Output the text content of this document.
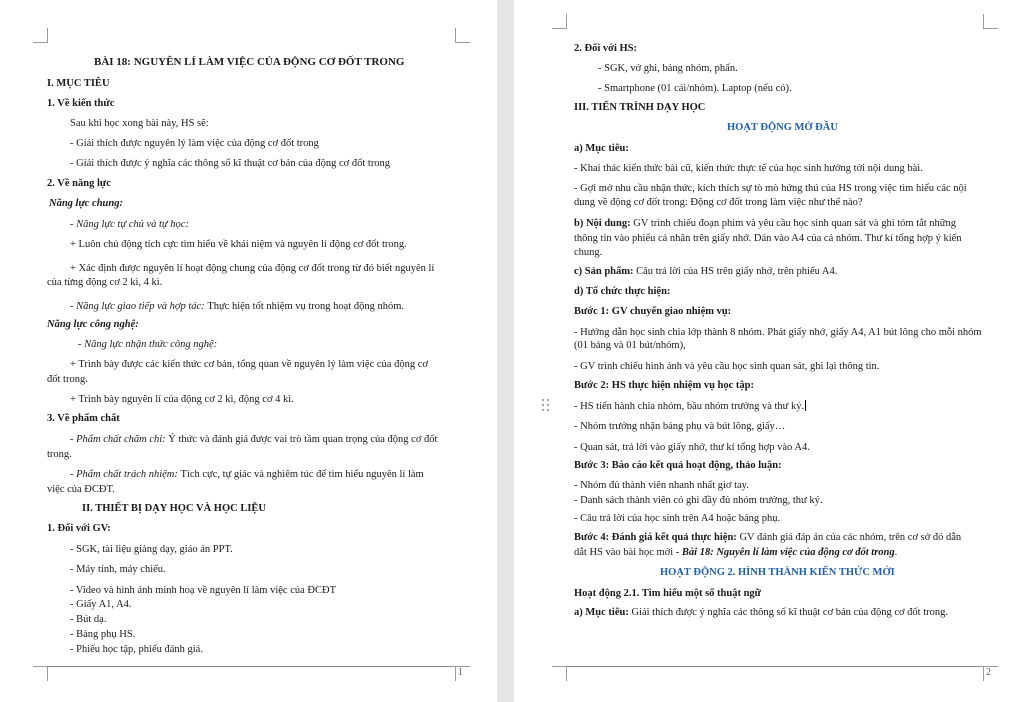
1
BÀI 18: NGUYÊN LÍ LÀM VIỆC CỦA ĐỘNG CƠ ĐỐT TRONG
I. MỤC TIÊU
1. Về kiến thức
Sau khi học xong bài này, HS sẽ:
- Giải thích được nguyên lý làm việc của động cơ đốt trong
- Giải thích được ý nghĩa các thông số kĩ thuật cơ bản của động cơ đốt trong
2. Về năng lực
Năng lực chung:
- Năng lực tự chủ và tự học:
+ Luôn chủ động tích cực tìm hiểu về khái niệm và nguyên lí động cơ đốt trong.
+ Xác định được nguyên lí hoạt động chung của động cơ đốt trong từ đó biết nguyên lí
của từng động cơ 2 kì, 4 kì.
- Năng lực giao tiếp và hợp tác: Thực hiện tốt nhiệm vụ trong hoạt động nhóm.
Năng lực công nghệ:
- Năng lực nhận thức công nghệ:
+ Trình bày được các kiến thức cơ bản, tổng quan về nguyên lý làm việc của động cơ
đốt trong.
+ Trình bày nguyên lí của động cơ 2 kì, động cơ 4 kì.
3. Về phẩm chất
- Phẩm chất chăm chỉ: Ý thức và đánh giá được vai trò tầm quan trọng của động cơ đốt
trong.
- Phẩm chất trách nhiệm: Tích cực, tự giác và nghiêm túc để tìm hiểu nguyên lí làm
việc của ĐCĐT.
II. THIẾT BỊ DẠY HỌC VÀ HỌC LIỆU
1. Đối với GV:
- SGK, tài liệu giảng dạy, giáo án PPT.
- Máy tính, máy chiếu.
- Video và hình ảnh minh hoạ về nguyên lí làm việc của ĐCĐT
- Giấy A1, A4.
- Bút dạ.
- Bảng phụ HS.
- Phiếu học tập, phiếu đánh giá.
2
2. Đối với HS:
- SGK, vở ghi, bảng nhóm, phấn.
- Smartphone (01 cái/nhóm). Laptop (nếu có).
III. TIẾN TRÌNH DẠY HỌC
HOẠT ĐỘNG MỞ ĐẦU
a) Mục tiêu:
- Khai thác kiến thức bài cũ, kiến thức thực tế của học sinh hướng tới nội dung bài.
- Gợi mở nhu cầu nhận thức, kích thích sự tò mò hứng thú của HS trong việc tìm hiểu các nội
dung về động cơ đốt trong: Động cơ đốt trong làm việc như thế nào?
b) Nội dung: GV trình chiếu đoạn phim và yêu cầu học sinh quan sát và ghi tóm tắt những
thông tin vào phiếu cá nhân trên giấy nhớ. Dán vào A4 của cả nhóm. Thư kí tổng hợp ý kiến
chung.
c) Sản phẩm: Câu trả lời của HS trên giấy nhớ, trên phiếu A4.
d) Tổ chức thực hiện:
Bước 1: GV chuyển giao nhiệm vụ:
- Hướng dẫn học sinh chia lớp thành 8 nhóm. Phát giấy nhớ, giấy A4, A1 bút lông cho mỗi nhóm
(01 bảng và 01 bút/nhóm),
- GV trình chiếu hình ảnh và yêu cầu học sinh quan sát, ghi lại thông tin.
Bước 2: HS thực hiện nhiệm vụ học tập:
- HS tiến hành chia nhóm, bầu nhóm trưởng và thư ký.
- Nhóm trưởng nhận bảng phụ và bút lông, giấy…
- Quan sát, trả lời vào giấy nhớ, thư kí tổng hợp vào A4.
Bước 3: Báo cáo kết quả hoạt động, thảo luận:
- Nhóm đủ thành viên nhanh nhất giơ tay.
- Danh sách thành viên có ghi đầy đủ nhóm trưởng, thư ký.
- Câu trả lời của học sinh trên A4 hoặc bảng phụ.
Bước 4: Đánh giá kết quả thực hiện: GV đánh giá đáp án của các nhóm, trên cơ sở đó dẫn
dắt HS vào bài học mới - Bài 18: Nguyên lí làm việc của động cơ đốt trong.
HOẠT ĐỘNG 2. HÌNH THÀNH KIẾN THỨC MỚI
Hoạt động 2.1. Tìm hiểu một số thuật ngữ
a) Mục tiêu: Giải thích được ý nghĩa các thông số kĩ thuật cơ bản của động cơ đốt trong.
